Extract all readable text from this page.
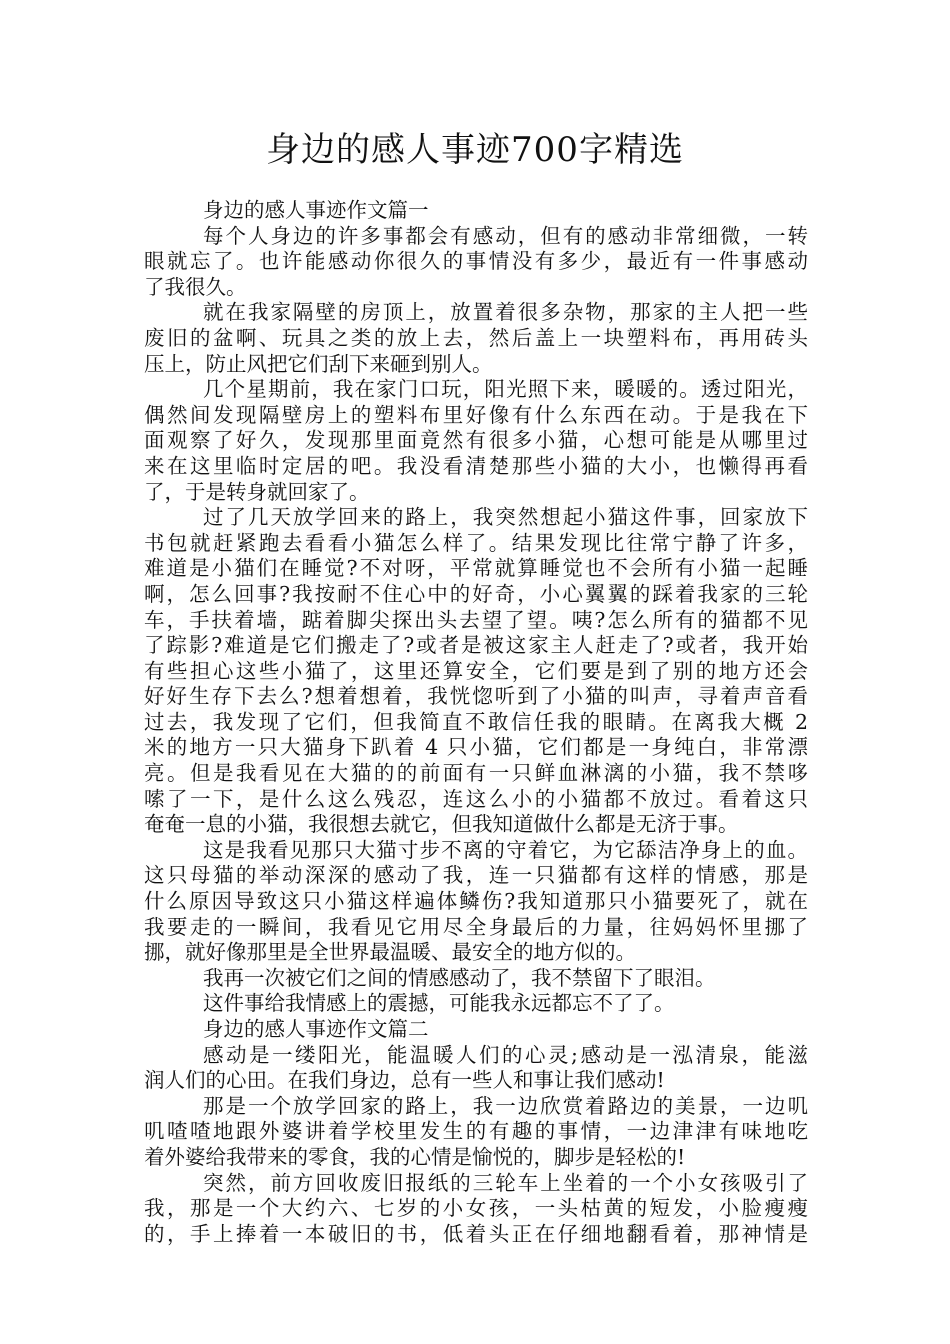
身边的感人事迹700字精选
身边的感人事迹作文篇一
每个人身边的许多事都会有感动，但有的感动非常细微，一转
眼就忘了。也许能感动你很久的事情没有多少，最近有一件事感动
了我很久。
就在我家隔壁的房顶上，放置着很多杂物，那家的主人把一些
废旧的盆啊、玩具之类的放上去，然后盖上一块塑料布，再用砖头
压上，防止风把它们刮下来砸到别人。
几个星期前，我在家门口玩，阳光照下来，暖暖的。透过阳光，
偶然间发现隔壁房上的塑料布里好像有什么东西在动。于是我在下
面观察了好久，发现那里面竟然有很多小猫，心想可能是从哪里过
来在这里临时定居的吧。我没看清楚那些小猫的大小，也懒得再看
了，于是转身就回家了。
过了几天放学回来的路上，我突然想起小猫这件事，回家放下
书包就赶紧跑去看看小猫怎么样了。结果发现比往常宁静了许多，
难道是小猫们在睡觉?不对呀，平常就算睡觉也不会所有小猫一起睡
啊，怎么回事?我按耐不住心中的好奇，小心翼翼的踩着我家的三轮
车，手扶着墙，踮着脚尖探出头去望了望。咦?怎么所有的猫都不见
了踪影?难道是它们搬走了?或者是被这家主人赶走了?或者，我开始
有些担心这些小猫了，这里还算安全，它们要是到了别的地方还会
好好生存下去么?想着想着，我恍惚听到了小猫的叫声，寻着声音看
过去，我发现了它们，但我简直不敢信任我的眼睛。在离我大概 2
米的地方一只大猫身下趴着 4 只小猫，它们都是一身纯白，非常漂
亮。但是我看见在大猫的的前面有一只鲜血淋漓的小猫，我不禁哆
嗦了一下，是什么这么残忍，连这么小的小猫都不放过。看着这只
奄奄一息的小猫，我很想去就它，但我知道做什么都是无济于事。
这是我看见那只大猫寸步不离的守着它，为它舔洁净身上的血。
这只母猫的举动深深的感动了我，连一只猫都有这样的情感，那是
什么原因导致这只小猫这样遍体鳞伤?我知道那只小猫要死了，就在
我要走的一瞬间，我看见它用尽全身最后的力量，往妈妈怀里挪了
挪，就好像那里是全世界最温暖、最安全的地方似的。
我再一次被它们之间的情感感动了，我不禁留下了眼泪。
这件事给我情感上的震撼，可能我永远都忘不了了。
身边的感人事迹作文篇二
感动是一缕阳光，能温暖人们的心灵;感动是一泓清泉，能滋
润人们的心田。在我们身边，总有一些人和事让我们感动!
那是一个放学回家的路上，我一边欣赏着路边的美景，一边叽
叽喳喳地跟外婆讲着学校里发生的有趣的事情，一边津津有味地吃
着外婆给我带来的零食，我的心情是愉悦的，脚步是轻松的!
突然，前方回收废旧报纸的三轮车上坐着的一个小女孩吸引了
我，那是一个大约六、七岁的小女孩，一头枯黄的短发，小脸瘦瘦
的，手上捧着一本破旧的书，低着头正在仔细地翻看着，那神情是
